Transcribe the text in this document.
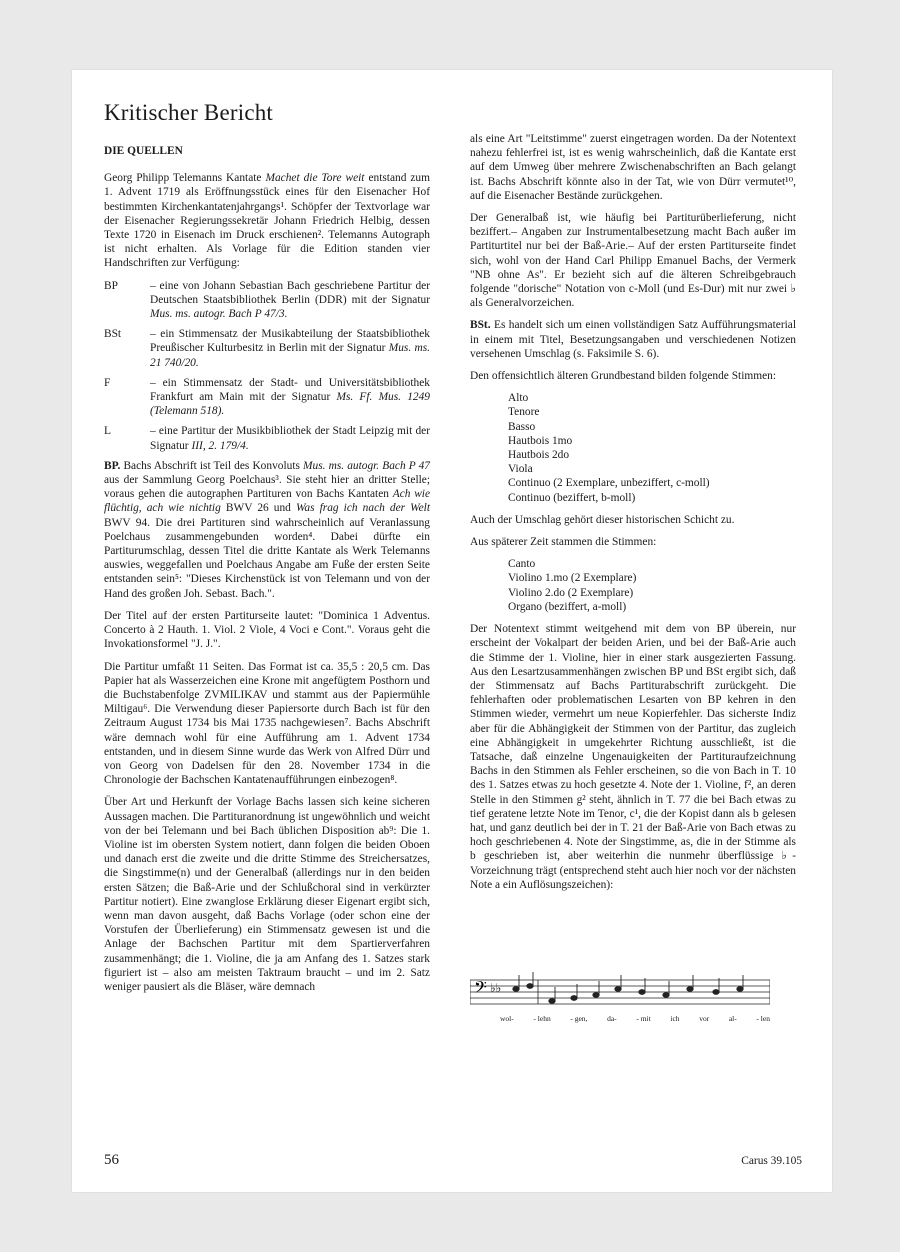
Kritischer Bericht

DIE QUELLEN

Georg Philipp Telemanns Kantate Machet die Tore weit entstand zum 1. Advent 1719 als Eröffnungsstück eines für den Eisenacher Hof bestimmten Kirchenkantatenjahrgangs¹. Schöpfer der Textvorlage war der Eisenacher Regierungssekretär Johann Friedrich Helbig, dessen Texte 1720 in Eisenach im Druck erschienen². Telemanns Autograph ist nicht erhalten. Als Vorlage für die Edition standen vier Handschriften zur Verfügung:

BP	– eine von Johann Sebastian Bach geschriebene Partitur der Deutschen Staatsbibliothek Berlin (DDR) mit der Signatur Mus. ms. autogr. Bach P 47/3.
BSt	– ein Stimmensatz der Musikabteilung der Staatsbibliothek Preußischer Kulturbesitz in Berlin mit der Signatur Mus. ms. 21 740/20.
F	– ein Stimmensatz der Stadt- und Universitätsbibliothek Frankfurt am Main mit der Signatur Ms. Ff. Mus. 1249 (Telemann 518).
L	– eine Partitur der Musikbibliothek der Stadt Leipzig mit der Signatur III, 2. 179/4.

BP. Bachs Abschrift ist Teil des Konvoluts Mus. ms. autogr. Bach P 47 aus der Sammlung Georg Poelchaus³. Sie steht hier an dritter Stelle; voraus gehen die autographen Partituren von Bachs Kantaten Ach wie flüchtig, ach wie nichtig BWV 26 und Was frag ich nach der Welt BWV 94. Die drei Partituren sind wahrscheinlich auf Veranlassung Poelchaus zusammengebunden worden⁴. Dabei dürfte ein Partiturumschlag, dessen Titel die dritte Kantate als Werk Telemanns auswies, weggefallen und Poelchaus Angabe am Fuße der ersten Seite entstanden sein⁵: "Dieses Kirchenstück ist von Telemann und von der Hand des großen Joh. Sebast. Bach.".

Der Titel auf der ersten Partiturseite lautet: "Dominica 1 Adventus. Concerto à 2 Hauth. 1. Viol. 2 Viole, 4 Voci e Cont.". Voraus geht die Invokationsformel "J. J.".

Die Partitur umfaßt 11 Seiten. Das Format ist ca. 35,5 : 20,5 cm. Das Papier hat als Wasserzeichen eine Krone mit angefügtem Posthorn und die Buchstabenfolge ZVMILIKAV und stammt aus der Papiermühle Miltigau⁶. Die Verwendung dieser Papiersorte durch Bach ist für den Zeitraum August 1734 bis Mai 1735 nachgewiesen⁷. Bachs Abschrift wäre demnach wohl für eine Aufführung am 1. Advent 1734 entstanden, und in diesem Sinne wurde das Werk von Alfred Dürr und von Georg von Dadelsen für den 28. November 1734 in die Chronologie der Bachschen Kantatenaufführungen einbezogen⁸.

Über Art und Herkunft der Vorlage Bachs lassen sich keine sicheren Aussagen machen. Die Partituranordnung ist ungewöhnlich und weicht von der bei Telemann und bei Bach üblichen Disposition ab⁹: Die 1. Violine ist im obersten System notiert, dann folgen die beiden Oboen und danach erst die zweite und die dritte Stimme des Streichersatzes, die Singstimme(n) und der Generalbaß (allerdings nur in den beiden ersten Sätzen; die Baß-Arie und der Schlußchoral sind in verkürzter Partitur notiert). Eine zwanglose Erklärung dieser Eigenart ergibt sich, wenn man davon ausgeht, daß Bachs Vorlage (oder schon eine der Vorstufen der Überlieferung) ein Stimmensatz gewesen ist und die Anlage der Bachschen Partitur mit dem Spartierverfahren zusammenhängt; die 1. Violine, die ja am Anfang des 1. Satzes stark figuriert ist – also am meisten Taktraum braucht – und im 2. Satz weniger pausiert als die Bläser, wäre demnach

als eine Art "Leitstimme" zuerst eingetragen worden. Da der Notentext nahezu fehlerfrei ist, ist es wenig wahrscheinlich, daß die Kantate erst auf dem Umweg über mehrere Zwischenabschriften an Bach gelangt ist. Bachs Abschrift könnte also in der Tat, wie von Dürr vermutet¹⁰, auf die Eisenacher Bestände zurückgehen.

Der Generalbaß ist, wie häufig bei Partiturüberlieferung, nicht beziffert.– Angaben zur Instrumentalbesetzung macht Bach außer im Partiturtitel nur bei der Baß-Arie.– Auf der ersten Partiturseite findet sich, wohl von der Hand Carl Philipp Emanuel Bachs, der Vermerk "NB ohne As". Er bezieht sich auf die älteren Schreibgebrauch folgende "dorische" Notation von c-Moll (und Es-Dur) mit nur zwei ♭ als Generalvorzeichen.

BSt. Es handelt sich um einen vollständigen Satz Aufführungsmaterial in einem mit Titel, Besetzungsangaben und verschiedenen Notizen versehenen Umschlag (s. Faksimile S. 6).

Den offensichtlich älteren Grundbestand bilden folgende Stimmen:

Alto
Tenore
Basso
Hautbois 1mo
Hautbois 2do
Viola
Continuo (2 Exemplare, unbeziffert, c-moll)
Continuo (beziffert, b-moll)

Auch der Umschlag gehört dieser historischen Schicht zu.

Aus späterer Zeit stammen die Stimmen:

Canto
Violino 1.mo (2 Exemplare)
Violino 2.do (2 Exemplare)
Organo (beziffert, a-moll)

Der Notentext stimmt weitgehend mit dem von BP überein, nur erscheint der Vokalpart der beiden Arien, und bei der Baß-Arie auch die Stimme der 1. Violine, hier in einer stark ausgezierten Fassung. Aus den Lesartzusammenhängen zwischen BP und BSt ergibt sich, daß der Stimmensatz auf Bachs Partiturabschrift zurückgeht. Die fehlerhaften oder problematischen Lesarten von BP kehren in den Stimmen wieder, vermehrt um neue Kopierfehler. Das sicherste Indiz aber für die Abhängigkeit der Stimmen von der Partitur, das zugleich eine Abhängigkeit in umgekehrter Richtung ausschließt, ist die Tatsache, daß einzelne Ungenauigkeiten der Partituraufzeichnung Bachs in den Stimmen als Fehler erscheinen, so die von Bach in T. 10 des 1. Satzes etwas zu hoch gesetzte 4. Note der 1. Violine, f², an deren Stelle in den Stimmen g² steht, ähnlich in T. 77 die bei Bach etwas zu tief geratene letzte Note im Tenor, c¹, die der Kopist dann als b gelesen hat, und ganz deutlich bei der in T. 21 der Baß-Arie von Bach etwas zu hoch geschriebenen 4. Note der Singstimme, as, die in der Stimme als b geschrieben ist, aber weiterhin die nunmehr überflüssige ♭-Vorzeichnung trägt (entsprechend steht auch hier noch vor der nächsten Note a ein Auflösungszeichen):

𝄢 ♭♭
wol-	- lehn	- gen,	da-	- mit	ich	vor	al-	- len
56	Carus 39.105
